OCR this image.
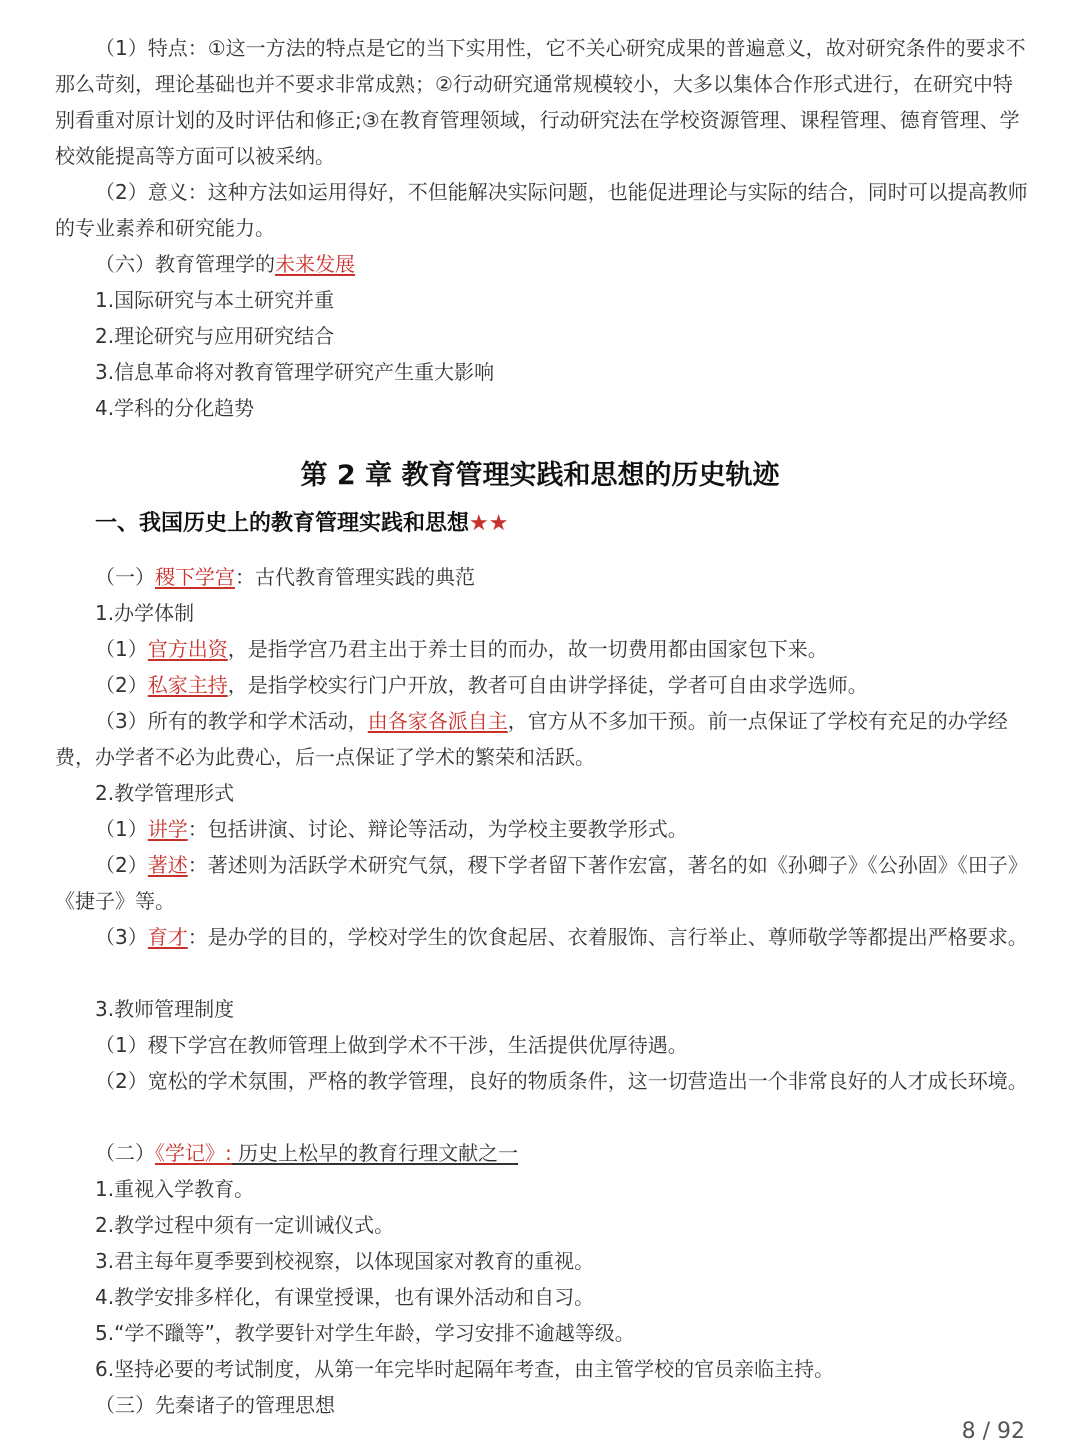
（1）特点：①这一方法的特点是它的当下实用性，它不关心研究成果的普遍意义，故对研究条件的要求不那么苛刻，理论基础也并不要求非常成熟；②行动研究通常规模较小，大多以集体合作形式进行，在研究中特别看重对原计划的及时评估和修正;③在教育管理领域，行动研究法在学校资源管理、课程管理、德育管理、学校效能提高等方面可以被采纳。

（2）意义：这种方法如运用得好，不但能解决实际问题，也能促进理论与实际的结合，同时可以提高教师的专业素养和研究能力。

（六）教育管理学的未来发展

1.国际研究与本土研究并重

2.理论研究与应用研究结合

3.信息革命将对教育管理学研究产生重大影响

4.学科的分化趋势

第 2 章 教育管理实践和思想的历史轨迹
一、我国历史上的教育管理实践和思想★★

（一）稷下学宫：古代教育管理实践的典范

1.办学体制

（1）官方出资，是指学宫乃君主出于养士目的而办，故一切费用都由国家包下来。

（2）私家主持，是指学校实行门户开放，教者可自由讲学择徒，学者可自由求学选师。

（3）所有的教学和学术活动，由各家各派自主，官方从不多加干预。前一点保证了学校有充足的办学经费，办学者不必为此费心，后一点保证了学术的繁荣和活跃。

2.教学管理形式

（1）讲学：包括讲演、讨论、辩论等活动，为学校主要教学形式。

（2）著述：著述则为活跃学术研究气氛，稷下学者留下著作宏富，著名的如《孙卿子》《公孙固》《田子》《捷子》等。

（3）育才：是办学的目的，学校对学生的饮食起居、衣着服饰、言行举止、尊师敬学等都提出严格要求。

3.教师管理制度

（1）稷下学宫在教师管理上做到学术不干涉，生活提供优厚待遇。

（2）宽松的学术氛围，严格的教学管理，良好的物质条件，这一切营造出一个非常良好的人才成长环境。

（二）《学记》: 历史上松早的教育行理文献之一

1.重视入学教育。

2.教学过程中须有一定训诫仪式。

3.君主每年夏季要到校视察，以体现国家对教育的重视。

4.教学安排多样化，有课堂授课，也有课外活动和自习。

5.“学不躐等”，教学要针对学生年龄，学习安排不逾越等级。

6.坚持必要的考试制度，从第一年完毕时起隔年考查，由主管学校的官员亲临主持。

（三）先秦诸子的管理思想

8 / 92
